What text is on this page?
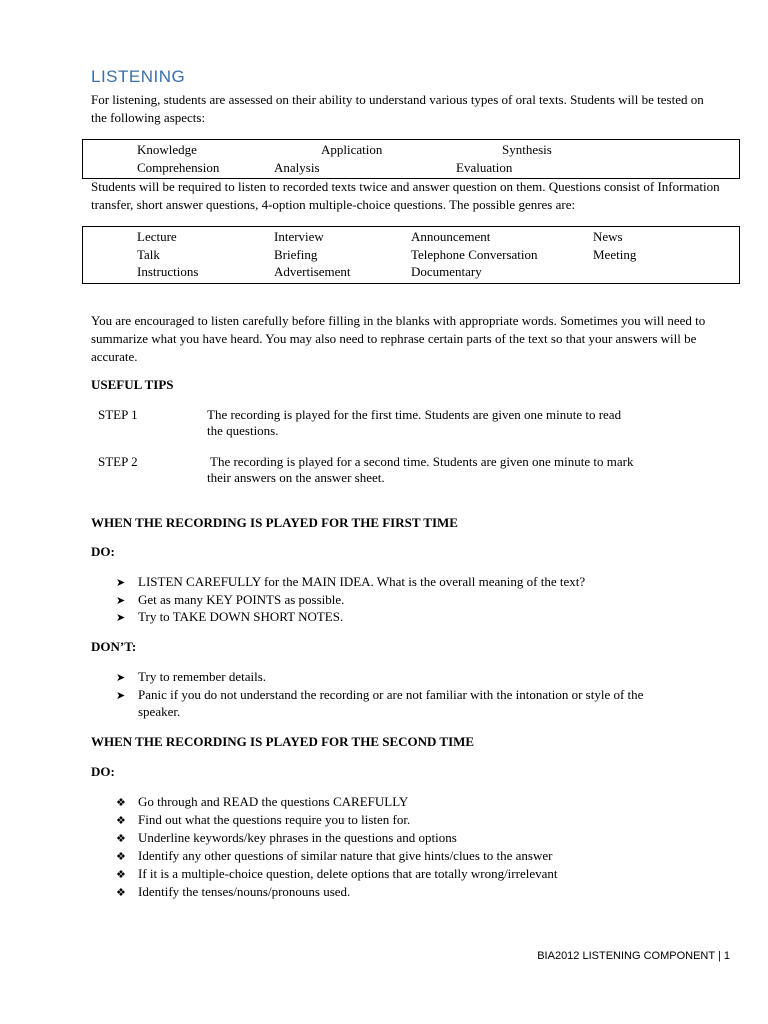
LISTENING
For listening, students are assessed on their ability to understand various types of oral texts. Students will be tested on the following aspects:
Knowledge	Application	Synthesis
Comprehension	Analysis	Evaluation
Students will be required to listen to recorded texts twice and answer question on them. Questions consist of Information transfer, short answer questions, 4-option multiple-choice questions. The possible genres are:
Lecture	Interview	Announcement	News
Talk	Briefing	Telephone Conversation	Meeting
Instructions	Advertisement	Documentary
You are encouraged to listen carefully before filling in the blanks with appropriate words. Sometimes you will need to summarize what you have heard. You may also need to rephrase certain parts of the text so that your answers will be accurate.
USEFUL TIPS
STEP 1	The recording is played for the first time. Students are given one minute to read
the questions.
STEP 2	The recording is played for a second time. Students are given one minute to mark
their answers on the answer sheet.
WHEN THE RECORDING IS PLAYED FOR THE FIRST TIME
DO:
➤ LISTEN CAREFULLY for the MAIN IDEA. What is the overall meaning of the text?
➤ Get as many KEY POINTS as possible.
➤ Try to TAKE DOWN SHORT NOTES.
DON’T:
➤ Try to remember details.
➤ Panic if you do not understand the recording or are not familiar with the intonation or style of the
speaker.
WHEN THE RECORDING IS PLAYED FOR THE SECOND TIME
DO:
❖ Go through and READ the questions CAREFULLY
❖ Find out what the questions require you to listen for.
❖ Underline keywords/key phrases in the questions and options
❖ Identify any other questions of similar nature that give hints/clues to the answer
❖ If it is a multiple-choice question, delete options that are totally wrong/irrelevant
❖ Identify the tenses/nouns/pronouns used.
BIA2012 LISTENING COMPONENT | 1
